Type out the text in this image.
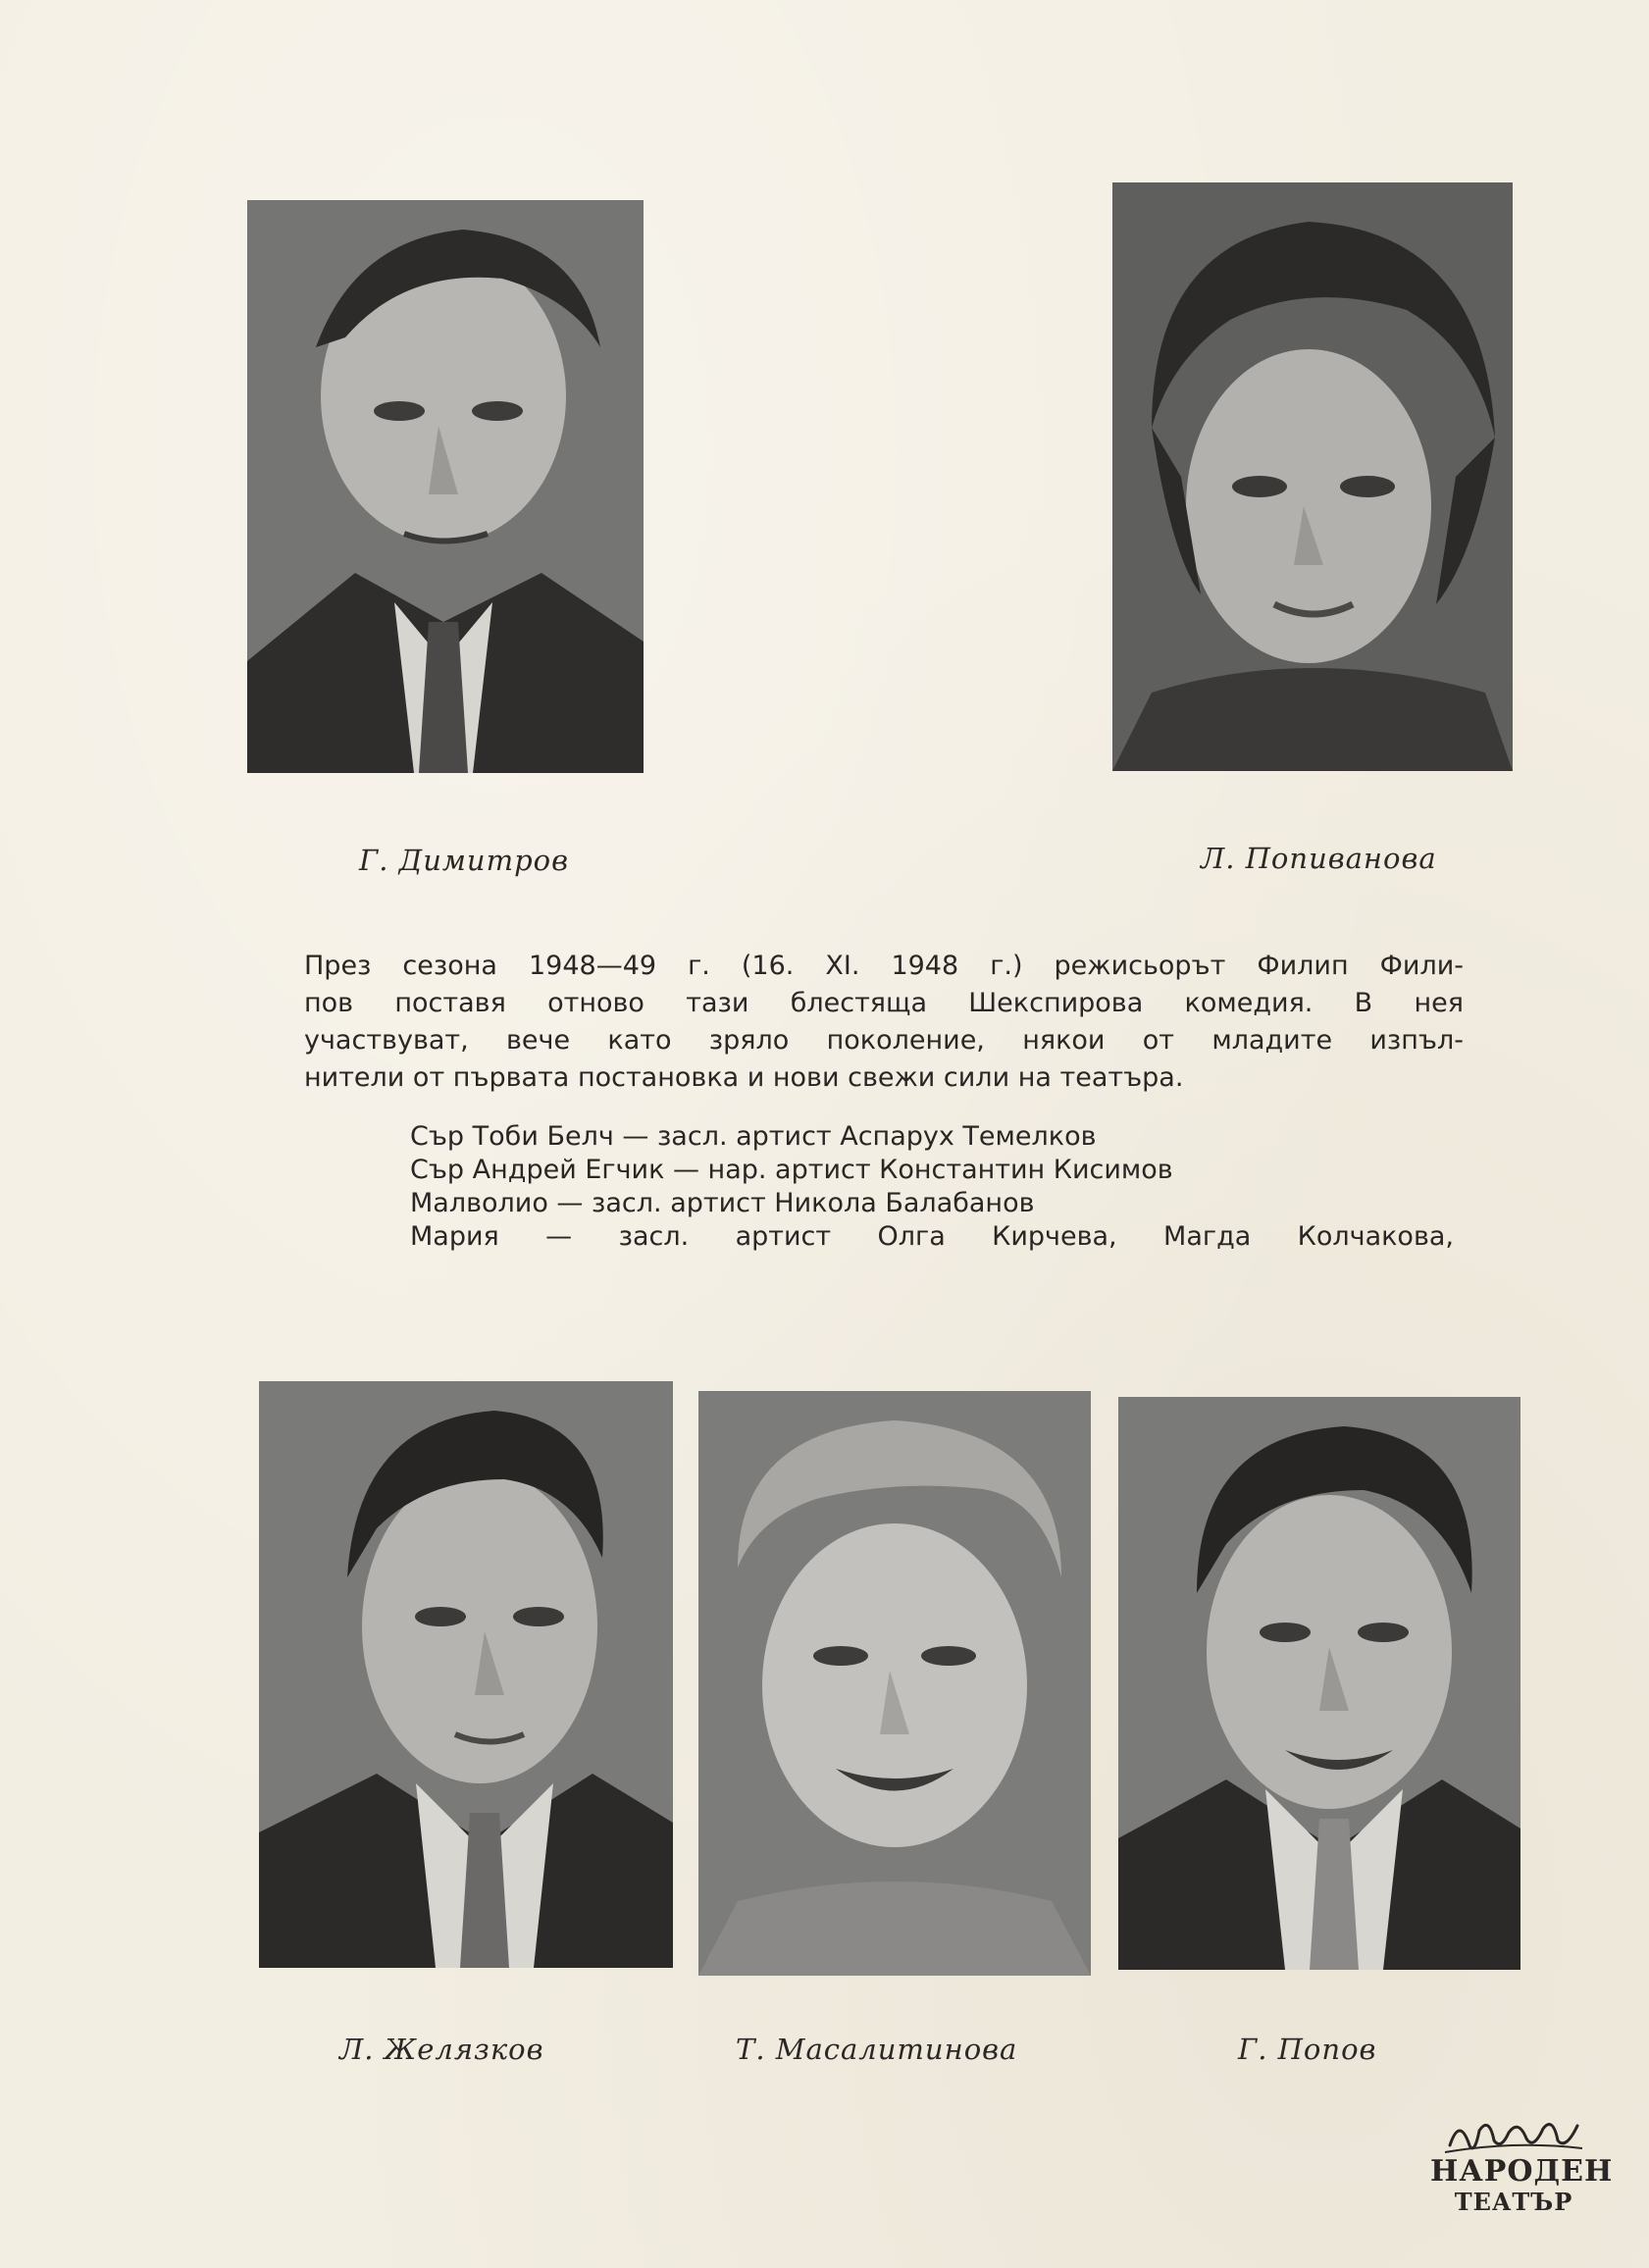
Г. Димитров	Л. Попиванова
През сезона 1948—49 г. (16. XI. 1948 г.) режисьорът Филип Фили-
пов поставя отново тази блестяща Шекспирова комедия. В нея
участвуват, вече като зряло поколение, някои от младите изпъл-
нители от първата постановка и нови свежи сили на театъра.
Сър Тоби Белч — засл. артист Аспарух Темелков
Сър Андрей Егчик — нар. артист Константин Кисимов
Малволио — засл. артист Никола Балабанов
Мария — засл. артист Олга Кирчева, Магда Колчакова,
Л. Желязков	Т. Масалитинова	Г. Попов
НАРОДЕН
ТЕАТЪР
